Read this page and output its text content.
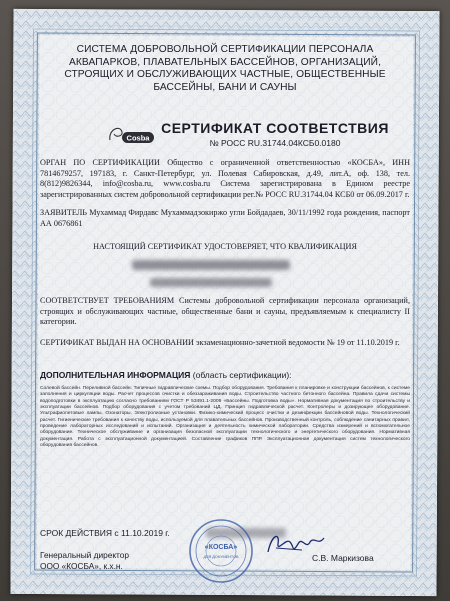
СИСТЕМА ДОБРОВОЛЬНОЙ СЕРТИФИКАЦИИ ПЕРСОНАЛА АКВАПАРКОВ, ПЛАВАТЕЛЬНЫХ БАССЕЙНОВ, ОРГАНИЗАЦИЙ, СТРОЯЩИХ И ОБСЛУЖИВАЮЩИХ ЧАСТНЫЕ, ОБЩЕСТВЕННЫЕ БАССЕЙНЫ, БАНИ И САУНЫ
Cosba
СЕРТИФИКАТ СООТВЕТСТВИЯ
№ РОСС RU.31744.04КСБ0.0180
ОРГАН ПО СЕРТИФИКАЦИИ Общество с ограниченной ответственностью «КОСБА», ИНН 7814679257, 197183, г. Санкт-Петербург, ул. Полевая Сабировская, д.49, лит.А, оф. 138, тел. 8(812)9826344, info@cosba.ru, www.cosba.ru Система зарегистрирована в Едином реестре зарегистрированных систем добровольной сертификации рег.№ РОСС RU.31744.04 КСБ0 от 06.09.2017 г.
ЗАЯВИТЕЛЬ Мухаммад Фирдавс Мухаммадзокиржо угли Бойдадаев, 30/11/1992 года рождения, паспорт АА 0676861
НАСТОЯЩИЙ СЕРТИФИКАТ УДОСТОВЕРЯЕТ, ЧТО КВАЛИФИКАЦИЯ
СООТВЕТСТВУЕТ ТРЕБОВАНИЯМ Системы добровольной сертификации персонала организаций, строящих и обслуживающих частные, общественные бани и сауны, предъявляемым к специалисту II категории.
СЕРТИФИКАТ ВЫДАН НА ОСНОВАНИИ экзаменационно-зачетной ведомости № 19 от 11.10.2019 г.
ДОПОЛНИТЕЛЬНАЯ ИНФОРМАЦИЯ (область сертификации):
Солевой бассейн. Переливной бассейн. Типичные гидравлические схемы. Подбор оборудования. Требования к планировке и конструкции бассейнов, к системе заполнения и циркуляции воды. Расчет процессов очистки и обеззараживания воды. Строительство частного бетонного бассейна. Правила сдачи системы водоподготовки в эксплуатацию согласно требованиям ГОСТ Р 53491.1-2009 «Бассейны. Подготовка воды». Нормативная документация по строительству и эксплуатации бассейнов. Подбор оборудования с учетом требований ЦД. Принцип гидравлической расчет. Контролеры и дозирующее оборудование. Ультрафиолетовые лампы. Озонаторы. Электролизные установки. Физико-химический процесс очистки и дезинфекции бассейновой воды. Технологический расчет. Гигиенические требования к качеству воды, используемой для плавательных бассейнов. Производственный контроль, соблюдение санитарных правил, проведение лабораторных исследований и испытаний. Организация и деятельность химической лаборатории. Средства измерений и вспомогательное оборудование. Техническое обслуживание и организация безопасной эксплуатации технологического и энергетического оборудования. Нормативная документация. Работа с эксплуатационной документацией. Составление графиков ППР. Эксплуатационная документация систем технологического оборудования бассейнов.
СРОК ДЕЙСТВИЯ с 11.10.2019 г.
Генеральный директор
ООО «КОСБА», к.х.н.
«КОСБА»
ДЛЯ ДОКУМЕНТОВ	С.В. Маркизова
